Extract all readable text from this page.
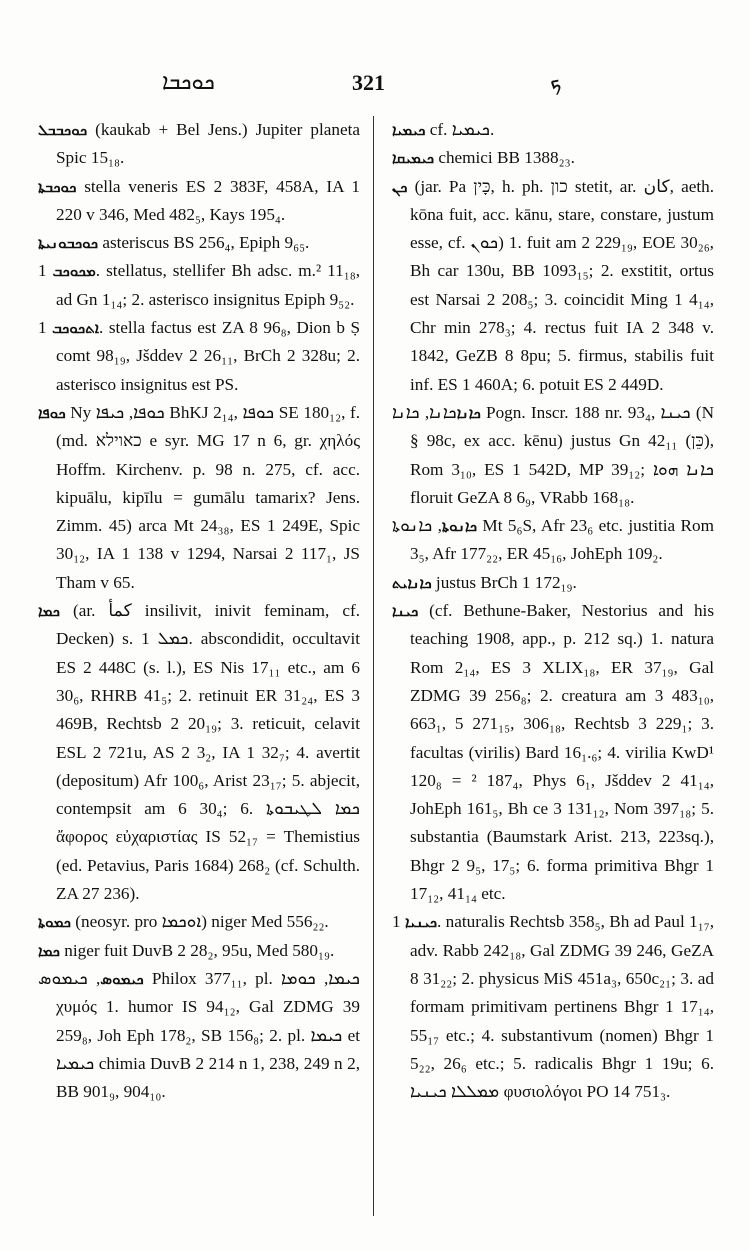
ܟܘܟܒܐ	321	ܟ

ܟܘܟܒܒܠ (kaukab + Bel Jens.) Jupiter planeta Spic 15₁₈.

ܟܘܟܒܬܐ stella veneris ES 2 383F, 458A, IA 1 220 v 346, Med 482₅, Kays 195₄.

ܟܘܟܒܘܢܝܬܐ asteriscus BS 256₄, Epiph 9₆₅.

ܡܟܘܟܒ 1. stellatus, stellifer Bh adsc. m.² 11₁₈, ad Gn 1₁₄; 2. asterisco insignitus Epiph 9₅₂.

ܐܬܟܘܟܒ 1. stella factus est ZA 8 96₈, Dion b Ṣ comt 98₁₉, Jšddev 2 26₁₁, BrCh 2 328u; 2. asterisco insignitus est PS.

ܟܘܦܐ Ny ܟܘܦܐ, ܟܝܦܐ BhKJ 2₁₄, ܟܘܦܐ SE 180₁₂, f. (md. כאוילא e syr. MG 17 n 6, gr. χηλός Hoffm. Kirchenv. p. 98 n. 275, cf. acc. kipuālu, kipīlu = gumālu tamarix? Jens. Zimm. 45) arca Mt 24₃₈, ES 1 249E, Spic 30₁₂, IA 1 138 v 1294, Narsai 2 117₁, JS Tham v 65.

ܟܡܐ (ar. كمأ insilivit, inivit feminam, cf. Decken) s. ܟܡܠ 1. abscondidit, occultavit ES 2 448C (s. l.), ES Nis 17₁₁ etc., am 6 30₆, RHRB 41₅; 2. retinuit ER 31₂₄, ES 3 469B, Rechtsb 2 20₁₉; 3. reticuit, celavit ESL 2 721u, AS 2 3₂, IA 1 32₇; 4. avertit (depositum) Afr 100₆, Arist 23₁₇; 5. abjecit, contempsit am 6 30₄; 6. ܟܡܐ ܠܛܝܒܘܬܐ ἄφορος εὐχαριστίας IS 52₁₇ = Themistius (ed. Petavius, Paris 1684) 268₂ (cf. Schulth. ZA 27 236).

ܟܡܘܬܐ (neosyr. pro ܐܘܟܡܐ) niger Med 556₂₂.

ܟܡܐ niger fuit DuvB 2 28₂, 95u, Med 580₁₉.

ܟܝܡܘܣ, ܟܝܡܘܣ Philox 377₁₁, pl. ܟܝܡܐ, ܟܘܡܐ χυμός 1. humor IS 94₁₂, Gal ZDMG 39 259₈, Joh Eph 178₂, SB 156₈; 2. pl. ܟܝܡܐ et ܟܝܡܝܐ chimia DuvB 2 214 n 1, 238, 249 n 2, BB 901₉, 904₁₀.

ܟܝܡܝܐ cf. ܟܝܡܝܐ.

ܟܝܡܝܩܐ chemici BB 1388₂₃.

ܟܢ (jar. Pa כָּין, h. ph. כון stetit, ar. كان, aeth. kōna fuit, acc. kānu, stare, constare, justum esse, cf. ܟܘܢ) 1. fuit am 2 229₁₉, EOE 30₂₆, Bh car 130u, BB 1093₁₅; 2. exstitit, ortus est Narsai 2 208₅; 3. coincidit Ming 1 4₁₄, Chr min 278₃; 4. rectus fuit IA 2 348 v. 1842, GeZB 8 8pu; 5. firmus, stabilis fuit inf. ES 1 460A; 6. potuit ES 2 449D.

ܟܐܢܐܟܐܢܐ, ܟܐܢܐ Pogn. Inscr. 188 nr. 93₄, ܟܝܢܐ (N § 98c, ex acc. kēnu) justus Gn 42₁₁ (כֵּן), Rom 3₁₀, ES 1 542D, MP 39₁₂; ܟܐܢܐ ܗܘܐ floruit GeZA 8 6₉, VRabb 168₁₈.

ܟܐܢܘܬܐ, ܟܐܢܘܬܐ Mt 5₆S, Afr 23₆ etc. justitia Rom 3₅, Afr 177₂₂, ER 45₁₆, JohEph 109₂.

ܟܐܢܐܝܬ justus BrCh 1 172₁₉.

ܟܝܢܐ (cf. Bethune-Baker, Nestorius and his teaching 1908, app., p. 212 sq.) 1. natura Rom 2₁₄, ES 3 XLIX₁₈, ER 37₁₉, Gal ZDMG 39 256₈; 2. creatura am 3 483₁₀, 663₁, 5 271₁₅, 306₁₈, Rechtsb 3 229₁; 3. facultas (virilis) Bard 16₁.₆; 4. virilia KwD¹ 120₈ = ² 187₄, Phys 6₁, Jšddev 2 41₁₄, JohEph 161₅, Bh ce 3 131₁₂, Nom 397₁₈; 5. substantia (Baumstark Arist. 213, 223sq.), Bhgr 2 9₅, 17₅; 6. forma primitiva Bhgr 1 17₁₂, 41₁₄ etc.

ܟܝܢܝܐ 1. naturalis Rechtsb 358₅, Bh ad Paul 1₁₇, adv. Rabb 242₁₈, Gal ZDMG 39 246, GeZA 8 31₂₂; 2. physicus MiS 451a₃, 650c₂₁; 3. ad formam primitivam pertinens Bhgr 1 17₁₄, 55₁₇ etc.; 4. substantivum (nomen) Bhgr 1 5₂₂, 26₆ etc.; 5. radicalis Bhgr 1 19u; 6. ܡܡܠܠܐ ܟܝܢܝܐ φυσιολόγοι PO 14 751₃.
